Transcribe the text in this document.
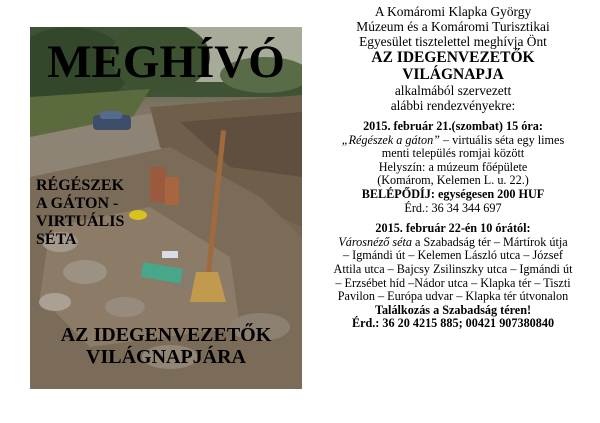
MEGHÍVÓ
RÉGÉSZEK
A GÁTON -
VIRTUÁLIS
SÉTA
AZ IDEGENVEZETŐK
VILÁGNAPJÁRA

A Komáromi Klapka György

Múzeum és a Komáromi Turisztikai

Egyesület tisztelettel meghívja Önt

AZ IDEGENVEZETŐK

VILÁGNAPJA

alkalmából szervezett

alábbi rendezvényekre:

2015. február 21.(szombat) 15 óra:

„Régészek a gáton” – virtuális séta egy limes

menti település romjai között

Helyszín: a múzeum főépülete

(Komárom, Kelemen L. u. 22.)

BELÉPŐDÍJ: egységesen 200 HUF

Érd.: 36 34 344 697

2015. február 22-én 10 órától:

Városnéző séta a Szabadság tér – Mártírok útja

– Igmándi út – Kelemen László utca – József

Attila utca – Bajcsy Zsilinszky utca – Igmándi út

– Erzsébet híd –Nádor utca – Klapka tér – Tiszti

Pavilon – Európa udvar – Klapka tér útvonalon

Találkozás a Szabadság téren!

Érd.: 36 20 4215 885; 00421 907380840
